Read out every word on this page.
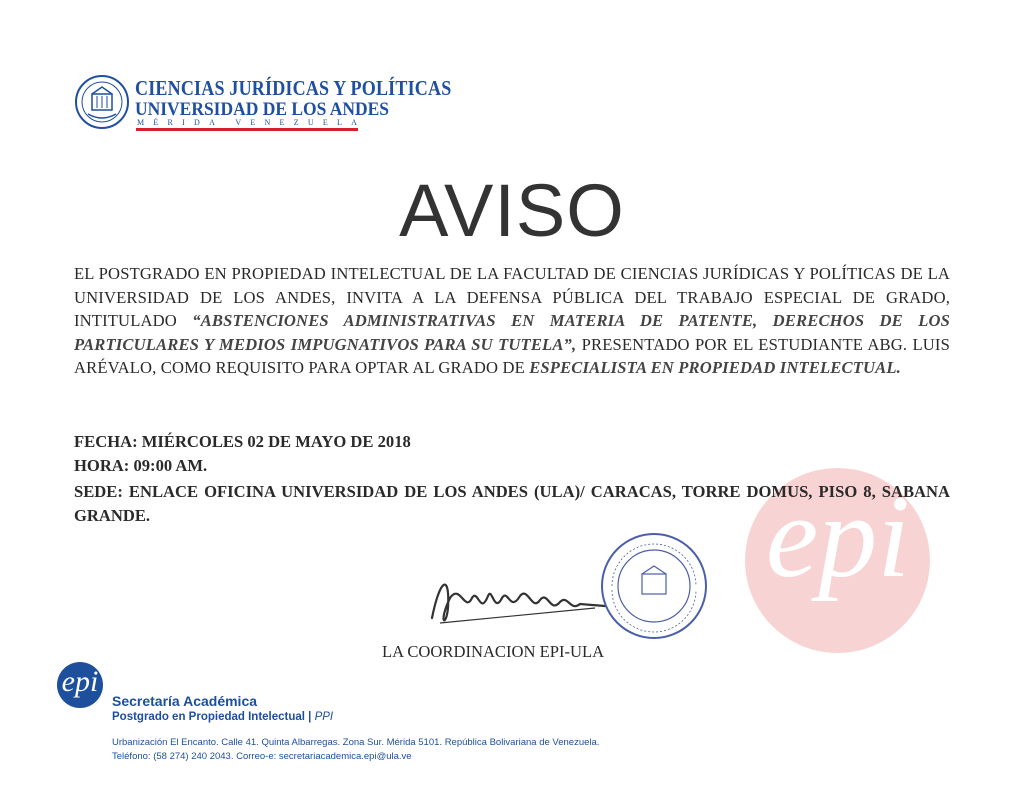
CIENCIAS JURÍDICAS Y POLÍTICAS
UNIVERSIDAD DE LOS ANDES
M É R I D A
	V E N E Z U E L A
epi
AVISO
EL POSTGRADO EN PROPIEDAD INTELECTUAL DE LA FACULTAD DE CIENCIAS JURÍDICAS Y POLÍTICAS DE LA UNIVERSIDAD DE LOS ANDES, INVITA A LA DEFENSA PÚBLICA DEL TRABAJO ESPECIAL DE GRADO, INTITULADO “ABSTENCIONES ADMINISTRATIVAS EN MATERIA DE PATENTE, DERECHOS DE LOS PARTICULARES Y MEDIOS IMPUGNATIVOS PARA SU TUTELA”, PRESENTADO POR EL ESTUDIANTE ABG. LUIS ARÉVALO, COMO REQUISITO PARA OPTAR AL GRADO DE ESPECIALISTA EN PROPIEDAD INTELECTUAL.
FECHA: MIÉRCOLES 02 DE MAYO DE 2018
HORA: 09:00 AM.
SEDE: ENLACE OFICINA UNIVERSIDAD DE LOS ANDES (ULA)/ CARACAS, TORRE DOMUS, PISO 8, SABANA GRANDE.
LA COORDINACION EPI-ULA
epi
Secretaría Académica
Postgrado en Propiedad Intelectual | PPI
Urbanización El Encanto. Calle 41. Quinta Albarregas. Zona Sur. Mérida 5101. República Bolivariana de Venezuela.
Teléfono: (58 274) 240 2043. Correo-e: secretariacademica.epi@ula.ve
